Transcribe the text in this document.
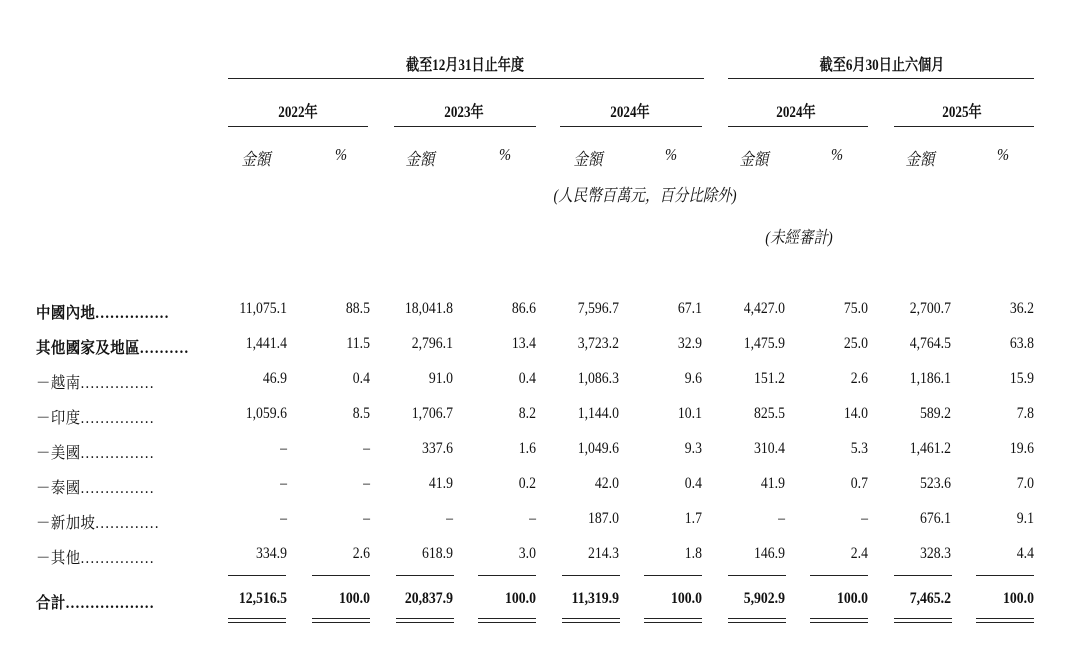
截至12月31日止年度	截至6月30日止六個月
2022年	2023年	2024年	2024年	2025年
金額	%	金額	%	金額	%	金額	%	金額	%
(人民幣百萬元，百分比除外)
(未經審計)
中國內地...............	11,075.1	88.5	18,041.8	86.6	7,596.7	67.1	4,427.0	75.0	2,700.7	36.2
其他國家及地區..........	1,441.4	11.5	2,796.1	13.4	3,723.2	32.9	1,475.9	25.0	4,764.5	63.8
－越南...............	46.9	0.4	91.0	0.4	1,086.3	9.6	151.2	2.6	1,186.1	15.9
－印度...............	1,059.6	8.5	1,706.7	8.2	1,144.0	10.1	825.5	14.0	589.2	7.8
－美國...............	–	–	337.6	1.6	1,049.6	9.3	310.4	5.3	1,461.2	19.6
－泰國...............	–	–	41.9	0.2	42.0	0.4	41.9	0.7	523.6	7.0
－新加坡.............	–	–	–	–	187.0	1.7	–	–	676.1	9.1
－其他...............	334.9	2.6	618.9	3.0	214.3	1.8	146.9	2.4	328.3	4.4
合計..................	12,516.5	100.0	20,837.9	100.0	11,319.9	100.0	5,902.9	100.0	7,465.2	100.0
